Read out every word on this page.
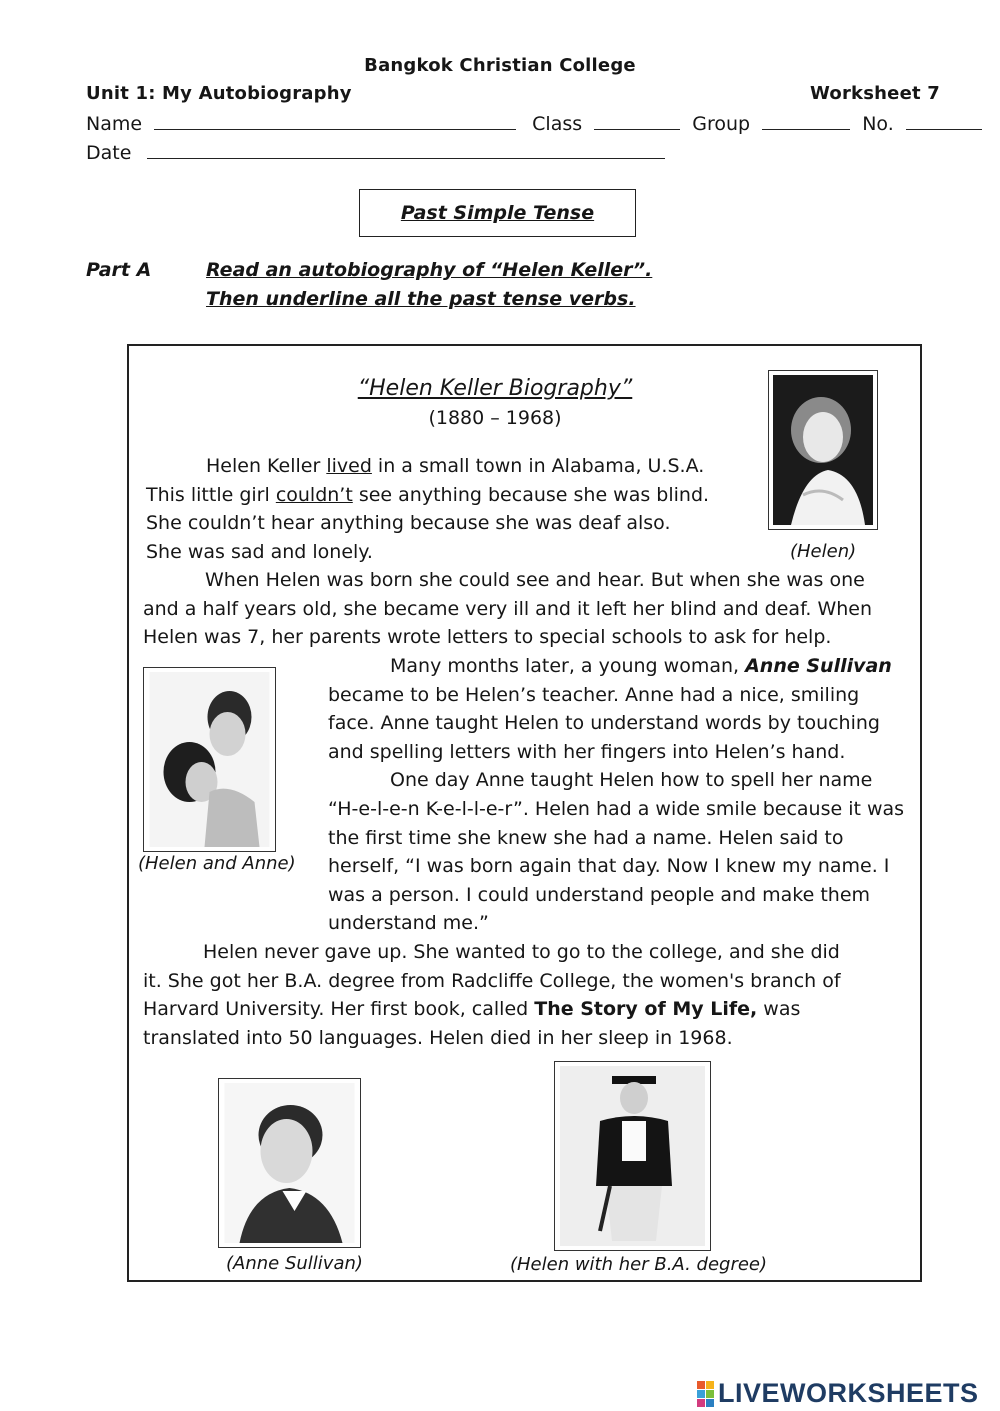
Bangkok Christian College
Unit 1: My Autobiography	Worksheet 7
Name	Class	Group	No.
Date
Past Simple Tense
Part A	Read an autobiography of “Helen Keller”.
Then underline all the past tense verbs.
“Helen Keller Biography”
(1880 – 1968)
(Helen)

Helen Keller lived in a small town in Alabama, U.S.A.

This little girl couldn’t see anything because she was blind.

She couldn’t hear anything because she was deaf also.

She was sad and lonely.

When Helen was born she could see and hear. But when she was one and a half years old, she became very ill and it left her blind and deaf. When Helen was 7, her parents wrote letters to special schools to ask for help.

(Helen and Anne)

Many months later, a young woman, Anne Sullivan became to be Helen’s teacher. Anne had a nice, smiling face. Anne taught Helen to understand words by touching and spelling letters with her fingers into Helen’s hand.

One day Anne taught Helen how to spell her name “H-e-l-e-n K-e-l-l-e-r”. Helen had a wide smile because it was the first time she knew she had a name. Helen said to herself, “I was born again that day. Now I knew my name. I was a person. I could understand people and make them understand me.”

Helen never gave up. She wanted to go to the college, and she did it. She got her B.A. degree from Radcliffe College, the women's branch of Harvard University. Her first book, called The Story of My Life, was translated into 50 languages. Helen died in her sleep in 1968.

(Anne Sullivan)	(Helen with her B.A. degree)
LIVEWORKSHEETS
